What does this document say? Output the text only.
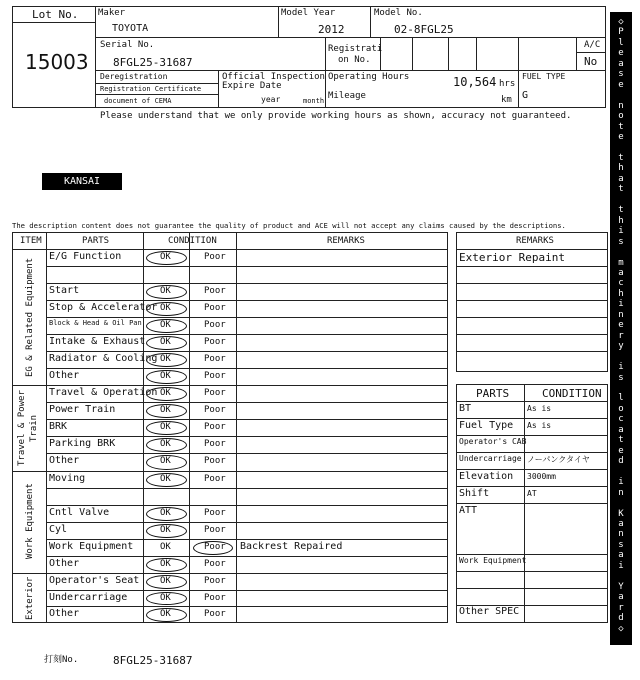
Lot No.
15003
Maker
TOYOTA
Model Year
2012
Model No.
02-8FGL25
Serial No.
8FGL25-31687
Registrati
on No.
A/C
No
Deregistration
Registration Certificate
document of CEMA
Official Inspection
Expire Date
year	month
Operating Hours	10,564 hrs
Mileage	km
FUEL TYPE
G
Please understand that we only provide working hours as shown, accuracy not guaranteed.
KANSAI
The description content does not guarantee the quality of product and ACE will not accept any claims caused by the descriptions.
ITEM	PARTS	CONDITION	REMARKS
EG & Related Equipment
Travel & Power Train
Work Equipment
Exterior
E/G Function	OK	Poor
Start	OK	Poor
Stop & Accelerator OK	Poor
Block & Head & Oil Pan OK	Poor
Intake & Exhaust OK	Poor
Radiator & Cooling OK	Poor
Other	OK	Poor
Travel & Operation OK	Poor
Power Train	OK	Poor
BRK	OK	Poor
Parking BRK	OK	Poor
Other	OK	Poor
Moving	OK	Poor
Cntl Valve	OK	Poor
Cyl	OK	Poor
Work Equipment	OK	Poor Backrest Repaired
Other	OK	Poor
Operator's Seat OK	Poor
Undercarriage	OK	Poor
Other	OK	Poor
REMARKS
Exterior Repaint
PARTS	CONDITION
BT	As is
Fuel Type As is
Operator's CAB
Undercarriage ノーパンクタイヤ
Elevation 3000mm
Shift	AT
ATT
Work Equipment
Other SPEC
打刻No.	8FGL25-31687
◇
P
l
e
a
s
e
n
o
t
e
t
h
a
t
t
h
i
s
m
a
c
h
i
n
e
r
y
i
s
l
o
c
a
t
e
d
i
n
K
a
n
s
a
i
Y
a
r
d
◇
